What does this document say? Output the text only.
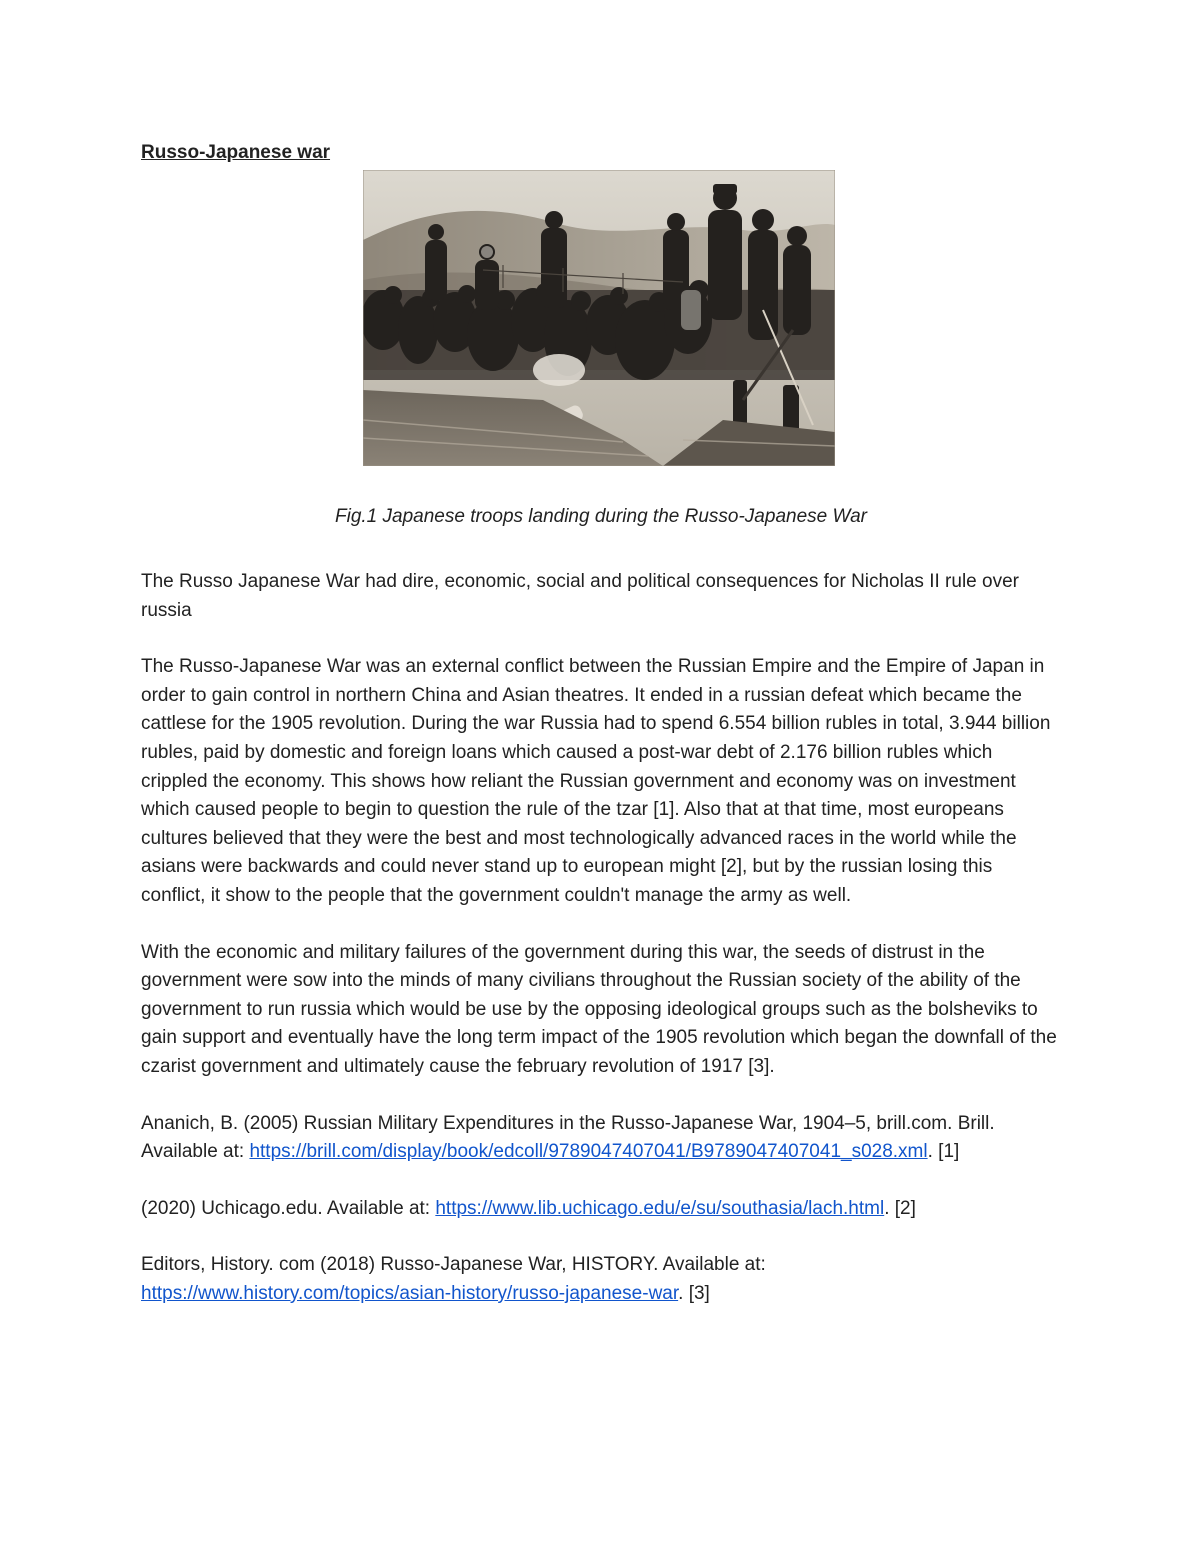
Russo-Japanese war
Fig.1 Japanese troops landing during the Russo-Japanese War

The Russo Japanese War had dire, economic, social and political consequences for Nicholas II rule over russia

The Russo-Japanese War was an external conflict between the Russian Empire and the Empire of Japan in order to gain control in northern China and Asian theatres. It ended in a russian defeat which became the cattlese for the 1905 revolution. During the war Russia had to spend 6.554 billion rubles in total, 3.944 billion rubles, paid by domestic and foreign loans which caused a post-war debt of 2.176 billion rubles which crippled the economy. This shows how reliant the Russian government and economy was on investment which caused people to begin to question the rule of the tzar [1]. Also that at that time, most europeans cultures believed that they were the best and most technologically advanced races in the world while the asians were backwards and could never stand up to european might [2], but by the russian losing this conflict, it show to the people that the government couldn't manage the army as well.

With the economic and military failures of the government during this war, the seeds of distrust in the government were sow into the minds of many civilians throughout the Russian society of the ability of the government to run russia which would be use by the opposing ideological groups such as the bolsheviks to gain support and eventually have the long term impact of the 1905 revolution which began the downfall of the czarist government and ultimately cause the february revolution of 1917 [3].

Ananich, B. (2005) Russian Military Expenditures in the Russo-Japanese War, 1904–5, brill.com. Brill. Available at: https://brill.com/display/book/edcoll/9789047407041/B9789047407041_s028.xml. [1]

(2020) Uchicago.edu. Available at: https://www.lib.uchicago.edu/e/su/southasia/lach.html. [2]

Editors, History. com (2018) Russo-Japanese War, HISTORY. Available at: https://www.history.com/topics/asian-history/russo-japanese-war. [3]
